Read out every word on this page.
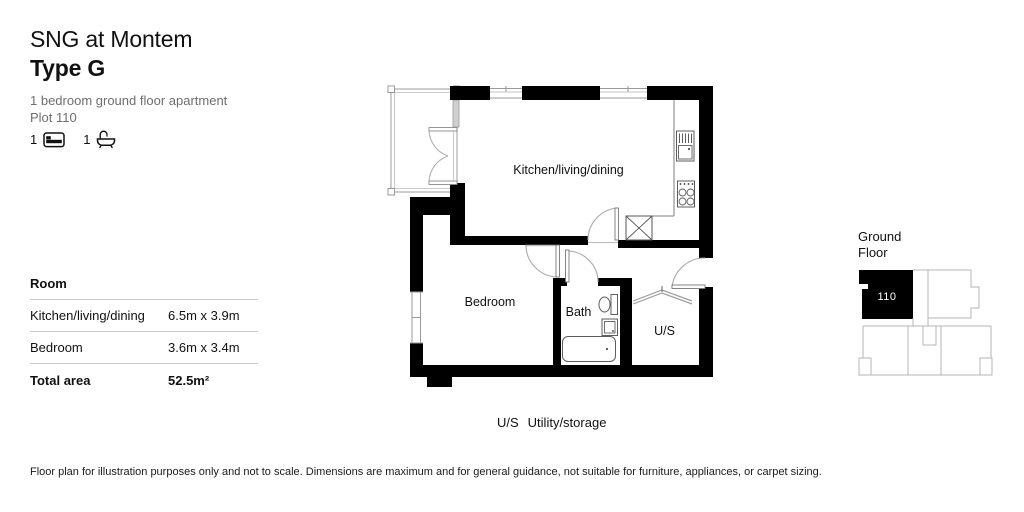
SNG at Montem
Type G
1 bedroom ground floor apartment
Plot 110
1	1
Room
Kitchen/living/dining	6.5m x 3.9m
Bedroom	3.6m x 3.4m
Total area	52.5m²
U/S Utility/storage
Floor plan for illustration purposes only and not to scale. Dimensions are maximum and for general guidance, not suitable for furniture, appliances, or carpet sizing.
Kitchen/living/dining
Bedroom
Bath
U/S
Ground
Floor
110
